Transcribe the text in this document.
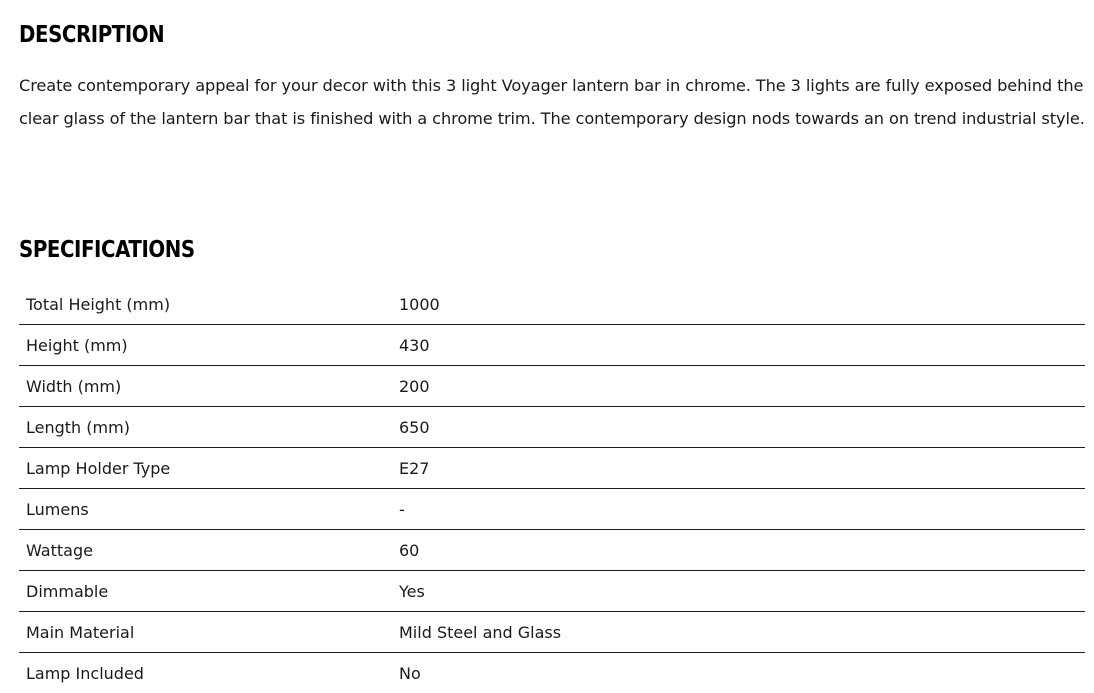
DESCRIPTION

Create contemporary appeal for your decor with this 3 light Voyager lantern bar in chrome. The 3 lights are fully exposed behind the clear glass of the lantern bar that is finished with a chrome trim. The contemporary design nods towards an on trend industrial style.

SPECIFICATIONS
Total Height (mm)	1000
Height (mm)	430
Width (mm)	200
Length (mm)	650
Lamp Holder Type	E27
Lumens	-
Wattage	60
Dimmable	Yes
Main Material	Mild Steel and Glass
Lamp Included	No
